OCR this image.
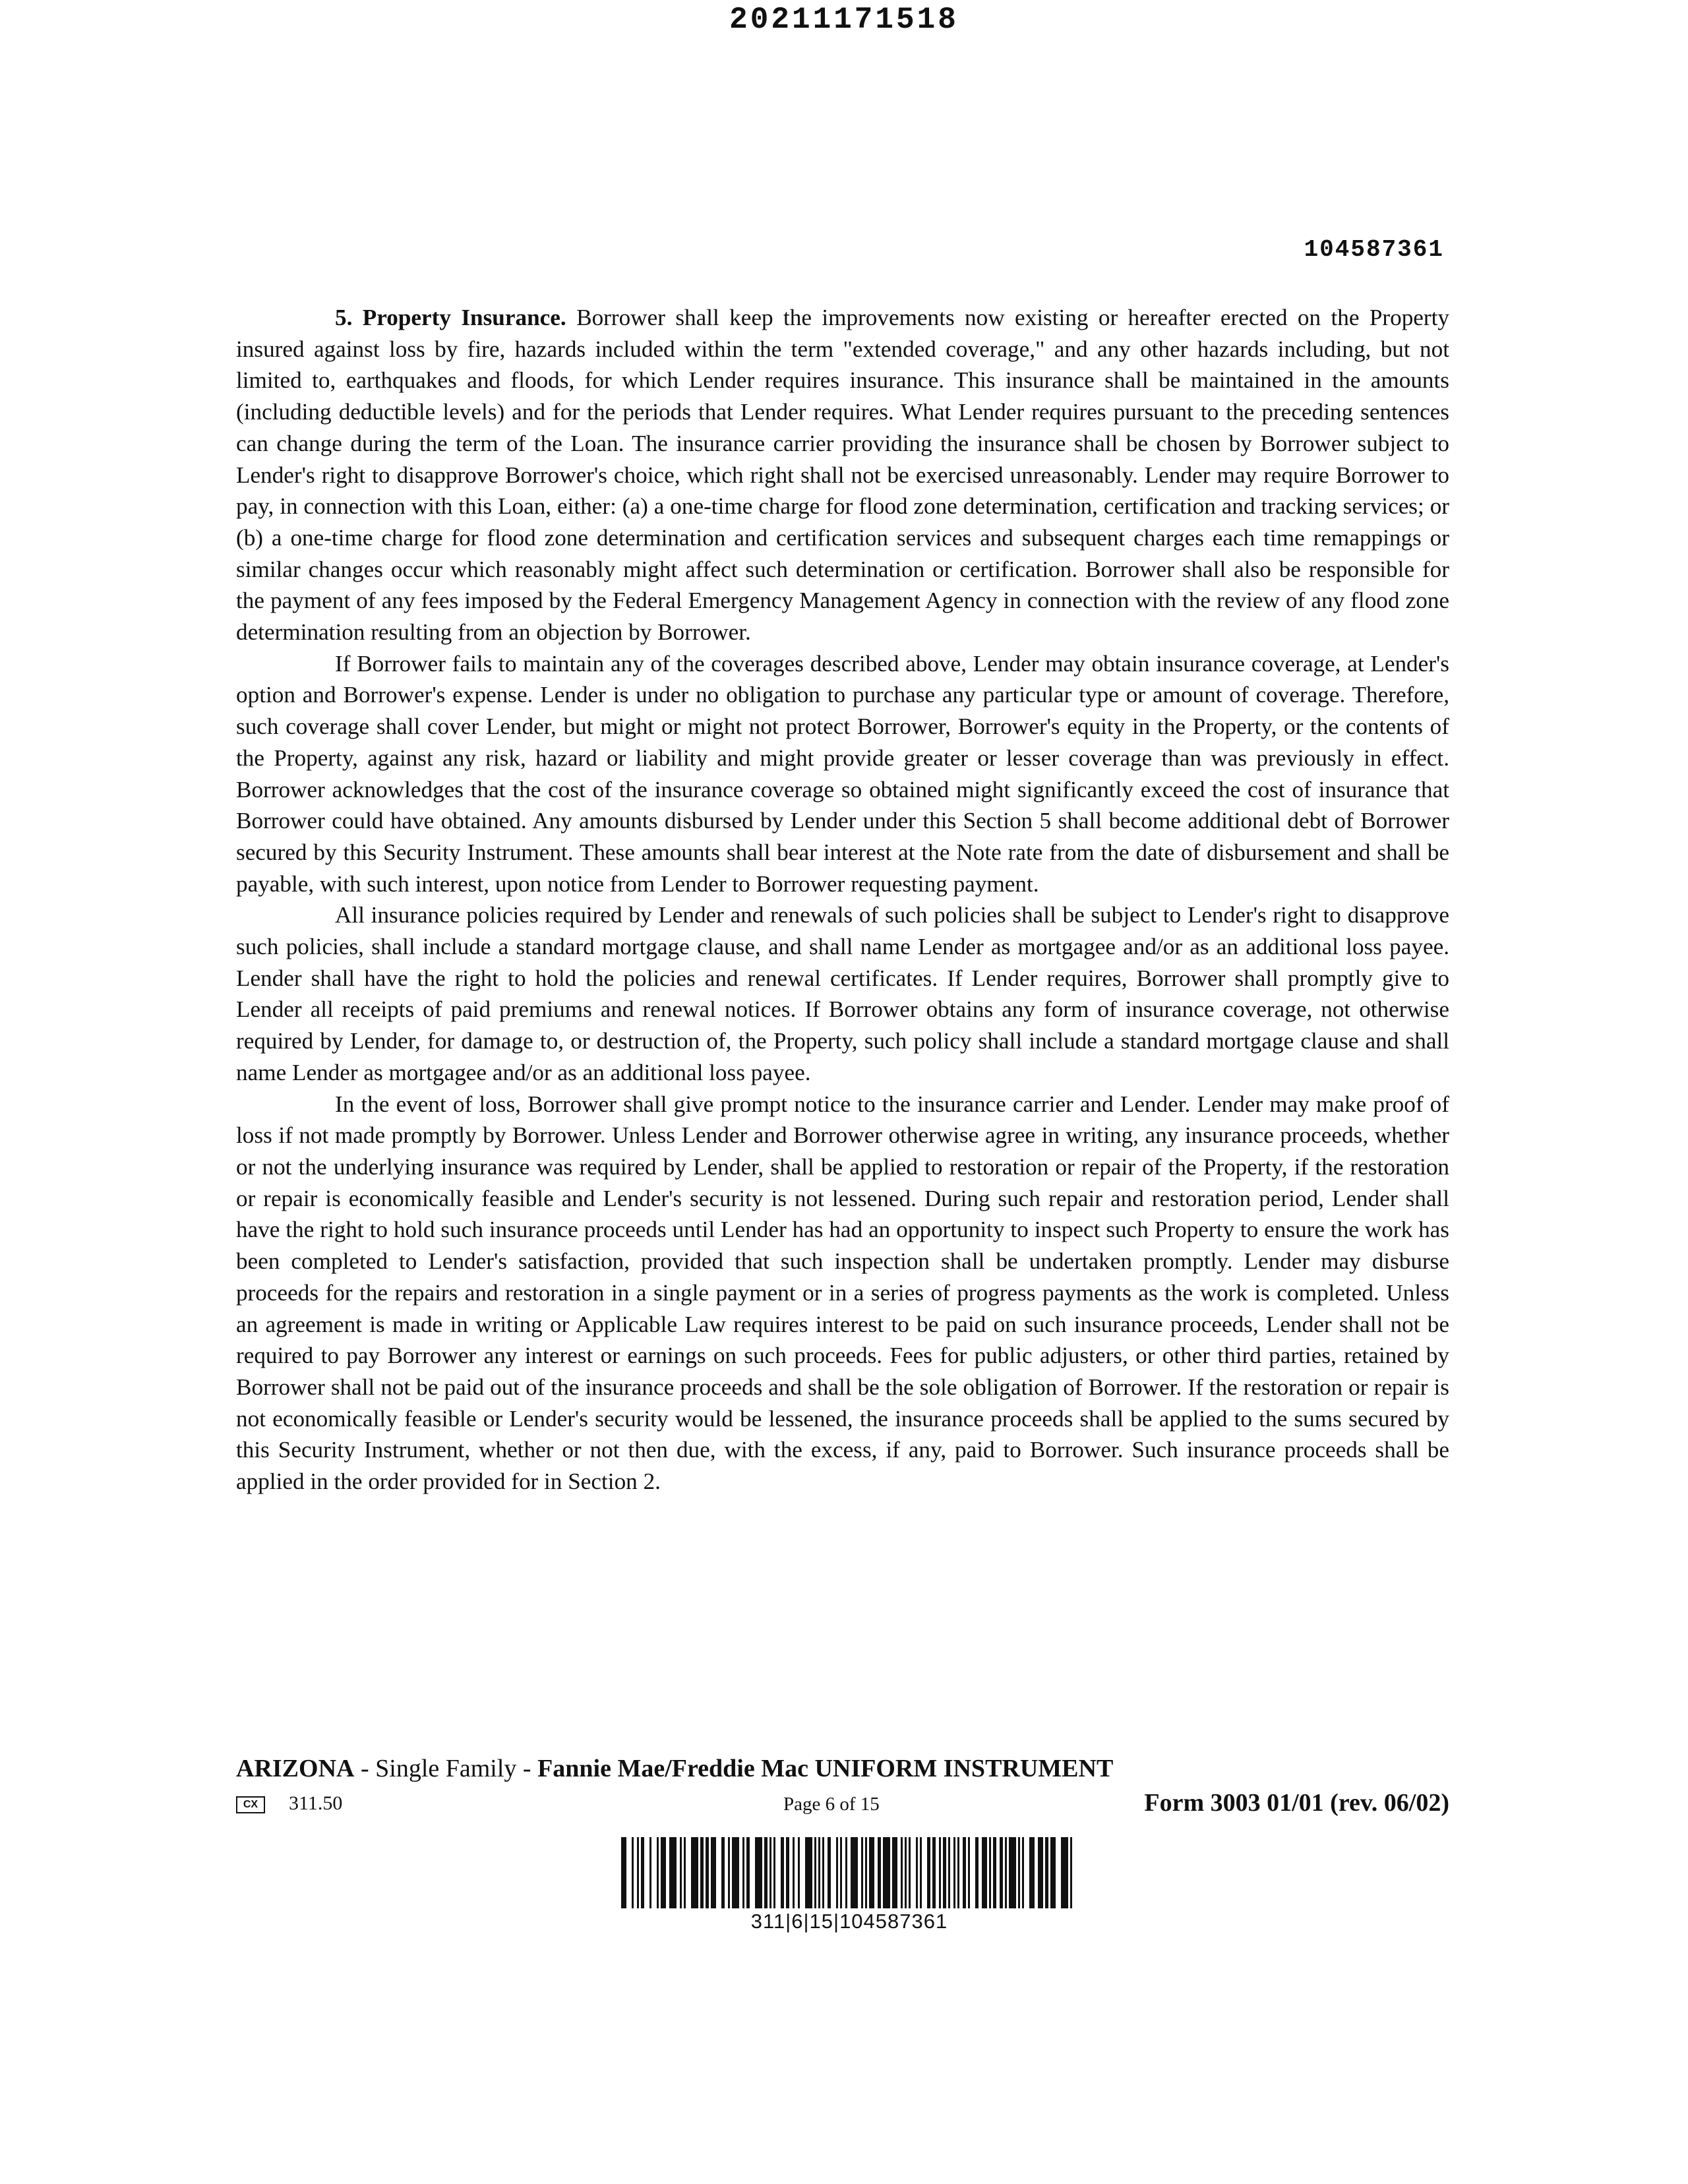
20211171518
104587361

5. Property Insurance. Borrower shall keep the improvements now existing or hereafter erected on the Property insured against loss by fire, hazards included within the term "extended coverage," and any other hazards including, but not limited to, earthquakes and floods, for which Lender requires insurance. This insurance shall be maintained in the amounts (including deductible levels) and for the periods that Lender requires. What Lender requires pursuant to the preceding sentences can change during the term of the Loan. The insurance carrier providing the insurance shall be chosen by Borrower subject to Lender's right to disapprove Borrower's choice, which right shall not be exercised unreasonably. Lender may require Borrower to pay, in connection with this Loan, either: (a) a one-time charge for flood zone determination, certification and tracking services; or (b) a one-time charge for flood zone determination and certification services and subsequent charges each time remappings or similar changes occur which reasonably might affect such determination or certification. Borrower shall also be responsible for the payment of any fees imposed by the Federal Emergency Management Agency in connection with the review of any flood zone determination resulting from an objection by Borrower.

If Borrower fails to maintain any of the coverages described above, Lender may obtain insurance coverage, at Lender's option and Borrower's expense. Lender is under no obligation to purchase any particular type or amount of coverage. Therefore, such coverage shall cover Lender, but might or might not protect Borrower, Borrower's equity in the Property, or the contents of the Property, against any risk, hazard or liability and might provide greater or lesser coverage than was previously in effect. Borrower acknowledges that the cost of the insurance coverage so obtained might significantly exceed the cost of insurance that Borrower could have obtained. Any amounts disbursed by Lender under this Section 5 shall become additional debt of Borrower secured by this Security Instrument. These amounts shall bear interest at the Note rate from the date of disbursement and shall be payable, with such interest, upon notice from Lender to Borrower requesting payment.

All insurance policies required by Lender and renewals of such policies shall be subject to Lender's right to disapprove such policies, shall include a standard mortgage clause, and shall name Lender as mortgagee and/or as an additional loss payee. Lender shall have the right to hold the policies and renewal certificates. If Lender requires, Borrower shall promptly give to Lender all receipts of paid premiums and renewal notices. If Borrower obtains any form of insurance coverage, not otherwise required by Lender, for damage to, or destruction of, the Property, such policy shall include a standard mortgage clause and shall name Lender as mortgagee and/or as an additional loss payee.

In the event of loss, Borrower shall give prompt notice to the insurance carrier and Lender. Lender may make proof of loss if not made promptly by Borrower. Unless Lender and Borrower otherwise agree in writing, any insurance proceeds, whether or not the underlying insurance was required by Lender, shall be applied to restoration or repair of the Property, if the restoration or repair is economically feasible and Lender's security is not lessened. During such repair and restoration period, Lender shall have the right to hold such insurance proceeds until Lender has had an opportunity to inspect such Property to ensure the work has been completed to Lender's satisfaction, provided that such inspection shall be undertaken promptly. Lender may disburse proceeds for the repairs and restoration in a single payment or in a series of progress payments as the work is completed. Unless an agreement is made in writing or Applicable Law requires interest to be paid on such insurance proceeds, Lender shall not be required to pay Borrower any interest or earnings on such proceeds. Fees for public adjusters, or other third parties, retained by Borrower shall not be paid out of the insurance proceeds and shall be the sole obligation of Borrower. If the restoration or repair is not economically feasible or Lender's security would be lessened, the insurance proceeds shall be applied to the sums secured by this Security Instrument, whether or not then due, with the excess, if any, paid to Borrower. Such insurance proceeds shall be applied in the order provided for in Section 2.

ARIZONA - Single Family - Fannie Mae/Freddie Mac UNIFORM INSTRUMENT
CX	311.50	Page 6 of 15	Form 3003 01/01 (rev. 06/02)
311|6|15|104587361
